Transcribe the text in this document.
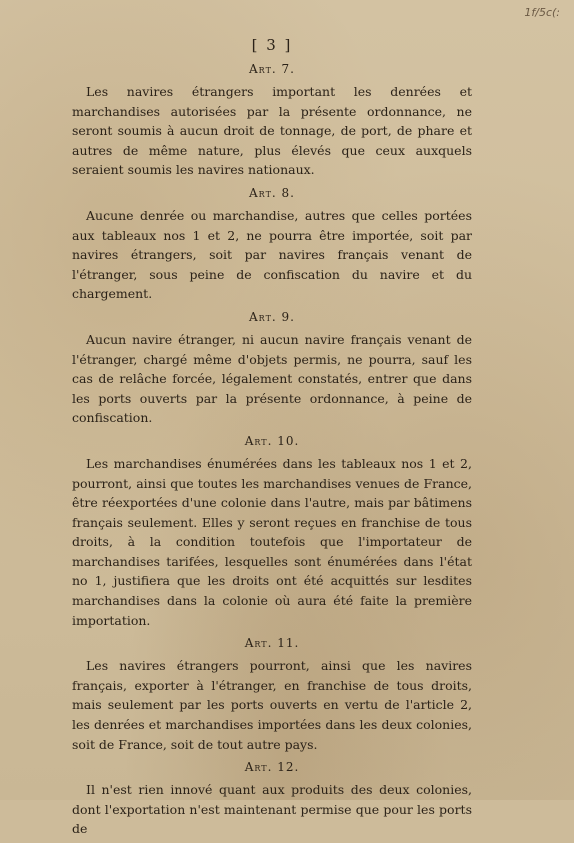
1f/5c(:
[ 3 ]
Art. 7.

Les navires étrangers important les denrées et marchandises autorisées par la présente ordonnance, ne seront soumis à aucun droit de tonnage, de port, de phare et autres de même nature, plus élevés que ceux auxquels seraient soumis les navires nationaux.

Art. 8.

Aucune denrée ou marchandise, autres que celles portées aux tableaux nos 1 et 2, ne pourra être importée, soit par navires étrangers, soit par navires français venant de l'étranger, sous peine de confiscation du navire et du chargement.

Art. 9.

Aucun navire étranger, ni aucun navire français venant de l'étranger, chargé même d'objets permis, ne pourra, sauf les cas de relâche forcée, légalement constatés, entrer que dans les ports ouverts par la présente ordonnance, à peine de confiscation.

Art. 10.

Les marchandises énumérées dans les tableaux nos 1 et 2, pourront, ainsi que toutes les marchandises venues de France, être réexportées d'une colonie dans l'autre, mais par bâtimens français seulement. Elles y seront reçues en franchise de tous droits, à la condition toutefois que l'importateur de marchandises tarifées, lesquelles sont énumérées dans l'état no 1, justifiera que les droits ont été acquittés sur lesdites marchandises dans la colonie où aura été faite la première importation.

Art. 11.

Les navires étrangers pourront, ainsi que les navires français, exporter à l'étranger, en franchise de tous droits, mais seulement par les ports ouverts en vertu de l'article 2, les denrées et marchandises importées dans les deux colonies, soit de France, soit de tout autre pays.

Art. 12.

Il n'est rien innové quant aux produits des deux colonies, dont l'exportation n'est maintenant permise que pour les ports de
